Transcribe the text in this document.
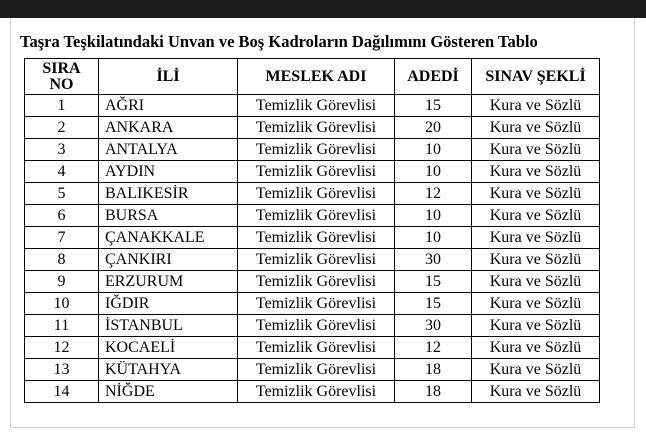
Taşra Teşkilatındaki Unvan ve Boş Kadroların Dağılımını Gösteren Tablo
SIRA
NO	İLİ	MESLEK ADI	ADEDİ	SINAV ŞEKLİ
1	AĞRI	Temizlik Görevlisi	15	Kura ve Sözlü
2	ANKARA	Temizlik Görevlisi	20	Kura ve Sözlü
3	ANTALYA	Temizlik Görevlisi	10	Kura ve Sözlü
4	AYDIN	Temizlik Görevlisi	10	Kura ve Sözlü
5	BALIKESİR	Temizlik Görevlisi	12	Kura ve Sözlü
6	BURSA	Temizlik Görevlisi	10	Kura ve Sözlü
7	ÇANAKKALE	Temizlik Görevlisi	10	Kura ve Sözlü
8	ÇANKIRI	Temizlik Görevlisi	30	Kura ve Sözlü
9	ERZURUM	Temizlik Görevlisi	15	Kura ve Sözlü
10	IĞDIR	Temizlik Görevlisi	15	Kura ve Sözlü
11	İSTANBUL	Temizlik Görevlisi	30	Kura ve Sözlü
12	KOCAELİ	Temizlik Görevlisi	12	Kura ve Sözlü
13	KÜTAHYA	Temizlik Görevlisi	18	Kura ve Sözlü
14	NİĞDE	Temizlik Görevlisi	18	Kura ve Sözlü
